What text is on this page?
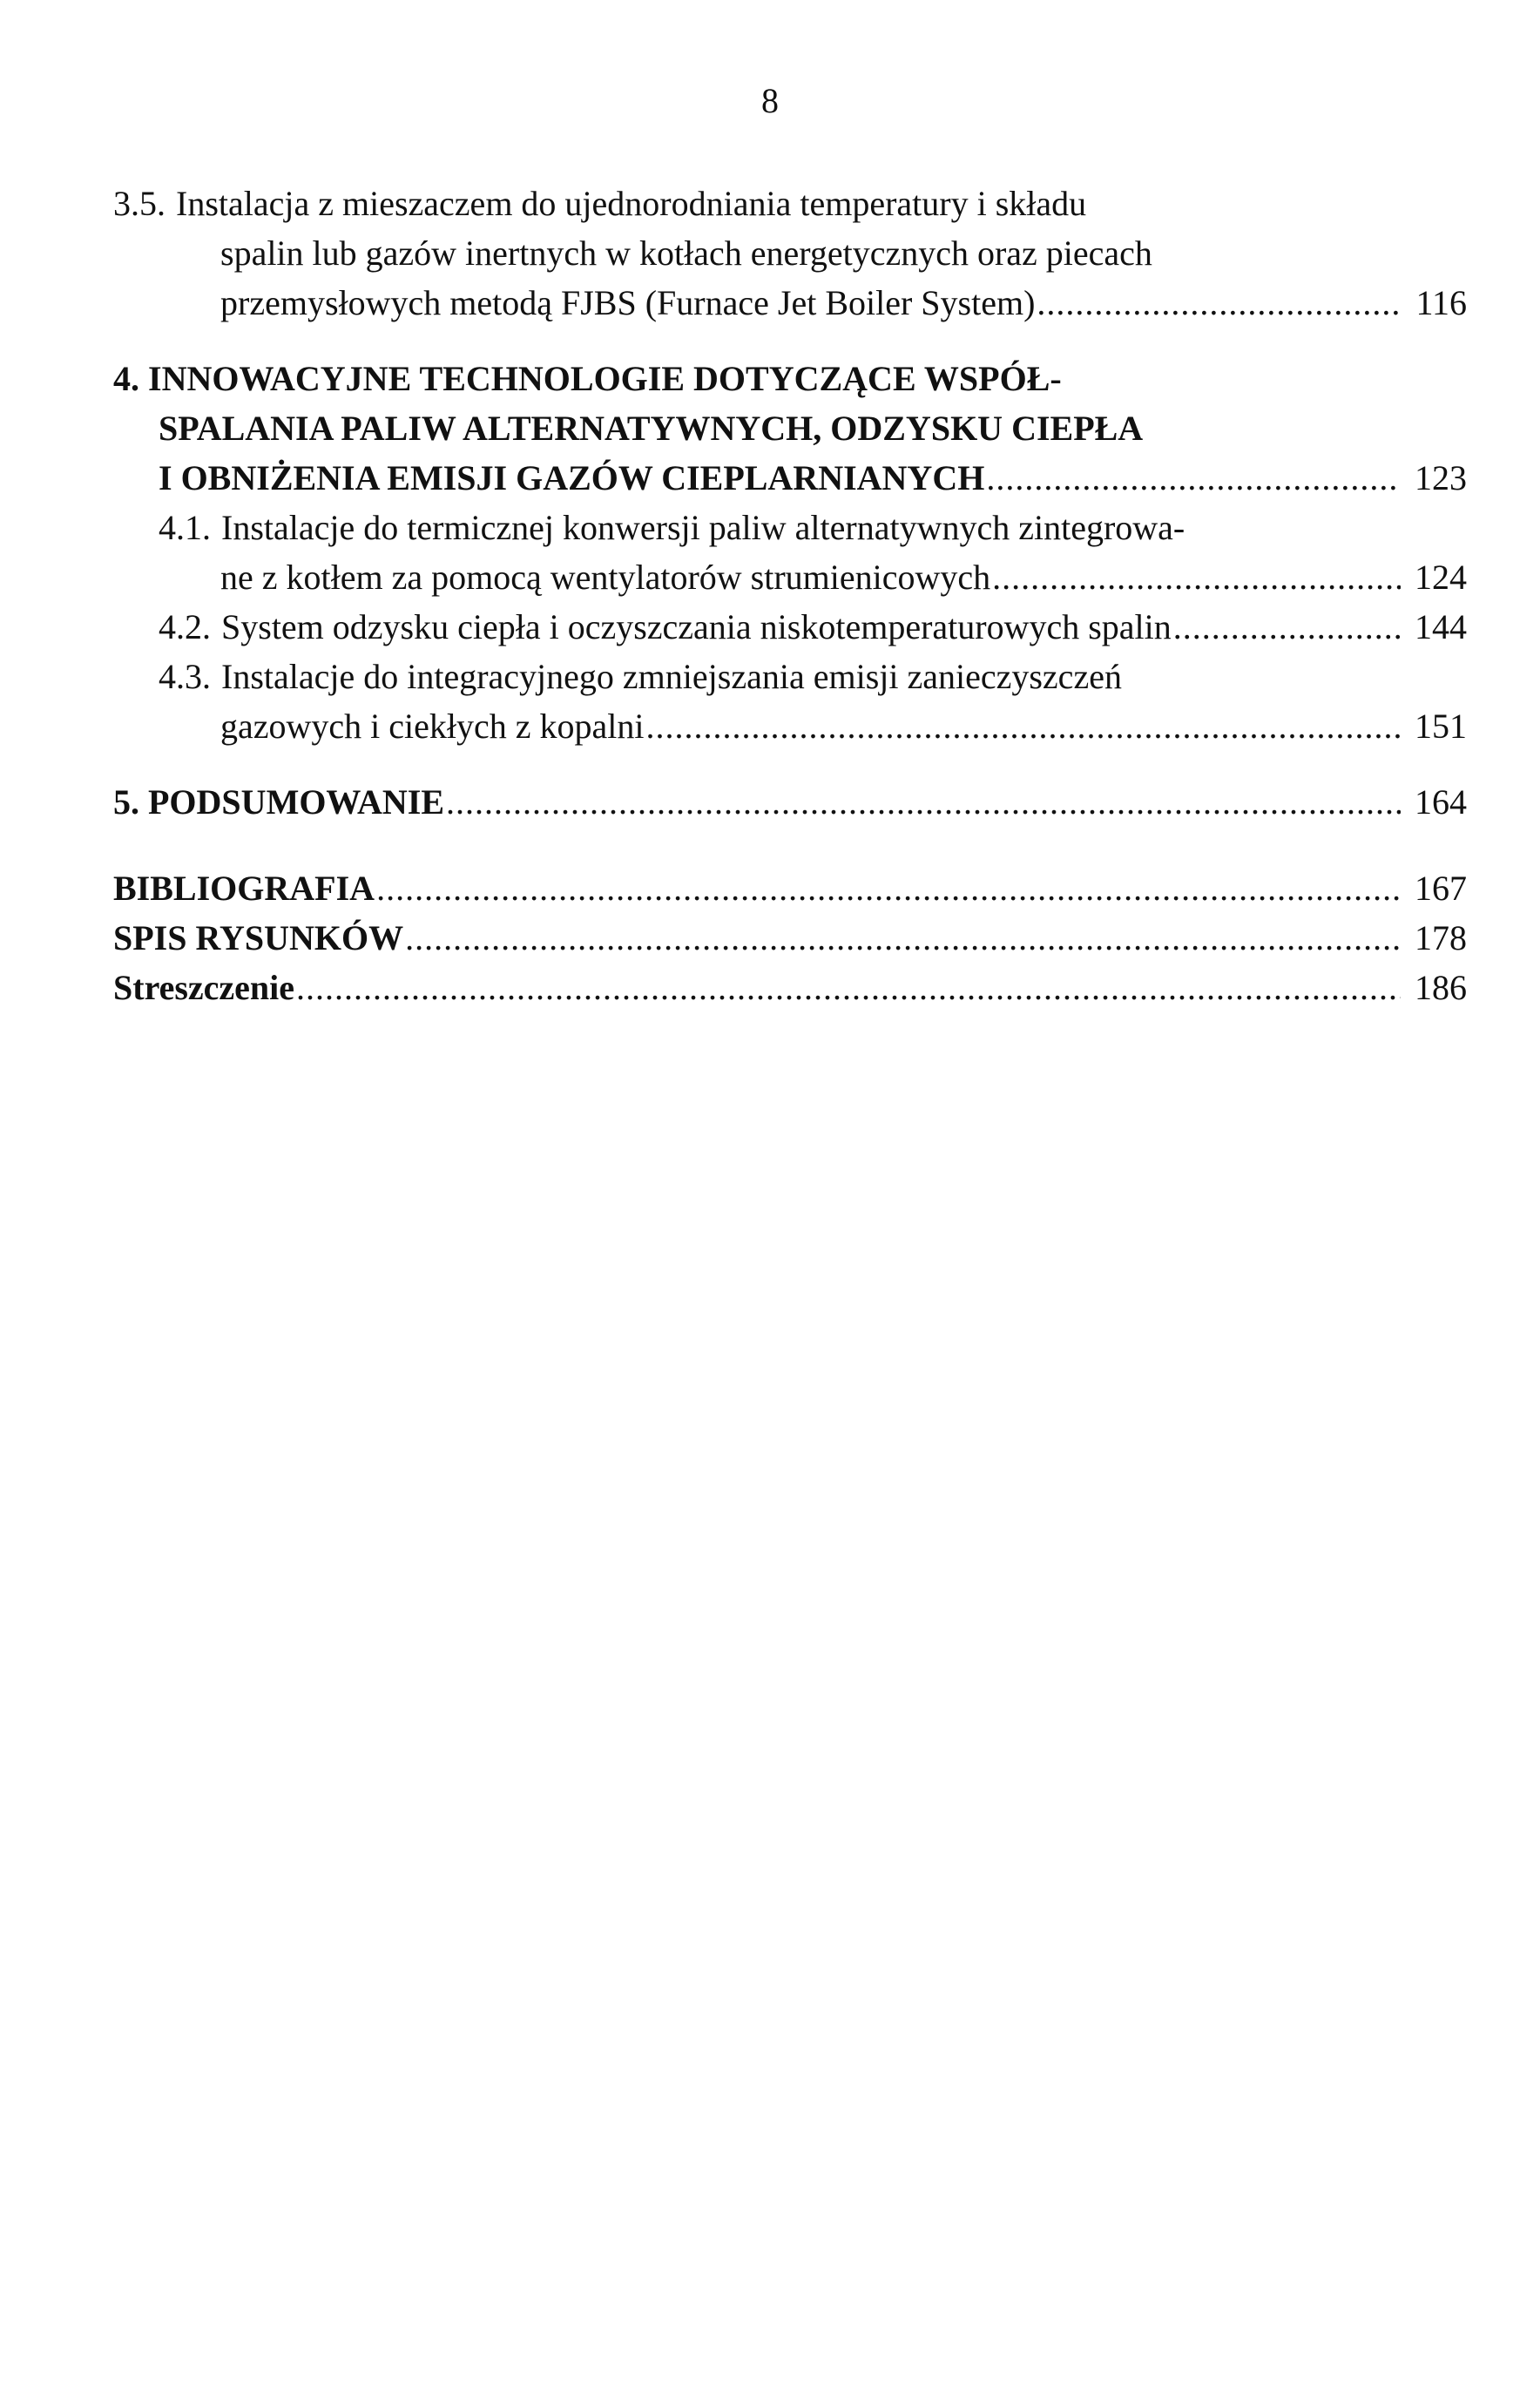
8
3.5. Instalacja z mieszaczem do ujednorodniania temperatury i składu
spalin lub gazów inertnych w kotłach energetycznych oraz piecach
przemysłowych metodą FJBS (Furnace Jet Boiler System) .....	116
4. INNOWACYJNE TECHNOLOGIE DOTYCZĄCE WSPÓŁ-
SPALANIA PALIW ALTERNATYWNYCH, ODZYSKU CIEPŁA
I OBNIŻENIA EMISJI GAZÓW CIEPLARNIANYCH .....	123
4.1. Instalacje do termicznej konwersji paliw alternatywnych zintegrowa-
ne z kotłem za pomocą wentylatorów strumienicowych .....	124
4.2. System odzysku ciepła i oczyszczania niskotemperaturowych spalin .....	144
4.3. Instalacje do integracyjnego zmniejszania emisji zanieczyszczeń
gazowych i ciekłych z kopalni .....	151
5. PODSUMOWANIE .....	164
BIBLIOGRAFIA .....	167
SPIS RYSUNKÓW .....	178
Streszczenie .....	186
